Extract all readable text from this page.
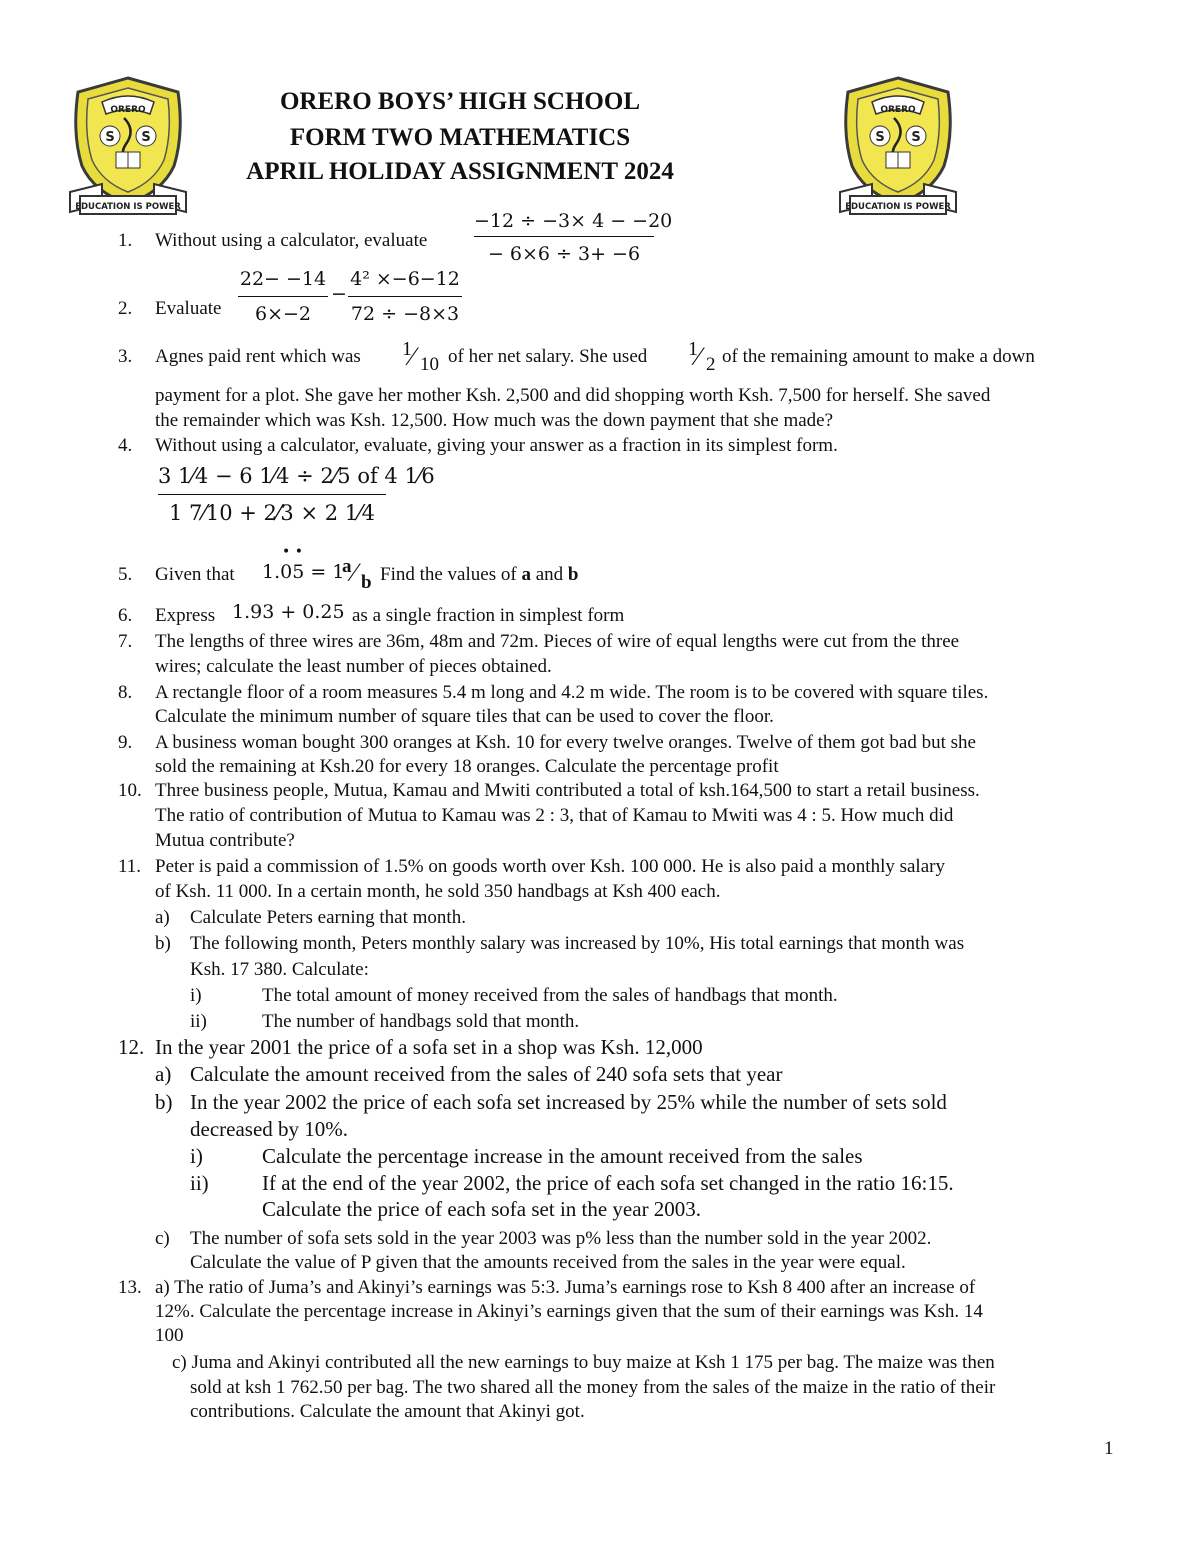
ORERO
S S
EDUCATION IS POWER
ORERO
S S
EDUCATION IS POWER
ORERO BOYS’ HIGH SCHOOL
FORM TWO MATHEMATICS
APRIL HOLIDAY ASSIGNMENT 2024
1. Without using a calculator, evaluate
−12 ÷ −3× 4 − −20
− 6×6 ÷ 3+ −6
2. Evaluate
22− −14
6×−2
−
4² ×−6−12
72 ÷ −8×3
3. Agnes paid rent which was 1
⁄ 10 of her net salary. She used 1
⁄ 2 of the remaining amount to make a down
payment for a plot. She gave her mother Ksh. 2,500 and did shopping worth Ksh. 7,500 for herself. She saved
the remainder which was Ksh. 12,500. How much was the down payment that she made?
4. Without using a calculator, evaluate, giving your answer as a fraction in its simplest form.
3 1⁄4 − 6 1⁄4 ÷ 2⁄5 of 4 1⁄6
1 7⁄10 + 2⁄3 × 2 1⁄4
5. Given that
• •
1.05 = 1
a ⁄ b Find the values of a and b
6. Express 1.93 + 0.25 as a single fraction in simplest form
7. The lengths of three wires are 36m, 48m and 72m. Pieces of wire of equal lengths were cut from the three
wires; calculate the least number of pieces obtained.
8. A rectangle floor of a room measures 5.4 m long and 4.2 m wide. The room is to be covered with square tiles.
Calculate the minimum number of square tiles that can be used to cover the floor.
9. A business woman bought 300 oranges at Ksh. 10 for every twelve oranges. Twelve of them got bad but she
sold the remaining at Ksh.20 for every 18 oranges. Calculate the percentage profit
10. Three business people, Mutua, Kamau and Mwiti contributed a total of ksh.164,500 to start a retail business.
The ratio of contribution of Mutua to Kamau was 2 : 3, that of Kamau to Mwiti was 4 : 5. How much did
Mutua contribute?
11. Peter is paid a commission of 1.5% on goods worth over Ksh. 100 000. He is also paid a monthly salary
of Ksh. 11 000. In a certain month, he sold 350 handbags at Ksh 400 each.
a) Calculate Peters earning that month.
b) The following month, Peters monthly salary was increased by 10%, His total earnings that month was
Ksh. 17 380. Calculate:
i)	The total amount of money received from the sales of handbags that month.
ii)	The number of handbags sold that month.
12. In the year 2001 the price of a sofa set in a shop was Ksh. 12,000
a) Calculate the amount received from the sales of 240 sofa sets that year
b) In the year 2002 the price of each sofa set increased by 25% while the number of sets sold
decreased by 10%.
i)	Calculate the percentage increase in the amount received from the sales
ii)	If at the end of the year 2002, the price of each sofa set changed in the ratio 16:15.
Calculate the price of each sofa set in the year 2003.
c) The number of sofa sets sold in the year 2003 was p% less than the number sold in the year 2002.
Calculate the value of P given that the amounts received from the sales in the year were equal.
13. a) The ratio of Juma’s and Akinyi’s earnings was 5:3. Juma’s earnings rose to Ksh 8 400 after an increase of
12%. Calculate the percentage increase in Akinyi’s earnings given that the sum of their earnings was Ksh. 14
100
c) Juma and Akinyi contributed all the new earnings to buy maize at Ksh 1 175 per bag. The maize was then
sold at ksh 1 762.50 per bag. The two shared all the money from the sales of the maize in the ratio of their
contributions. Calculate the amount that Akinyi got.
1
